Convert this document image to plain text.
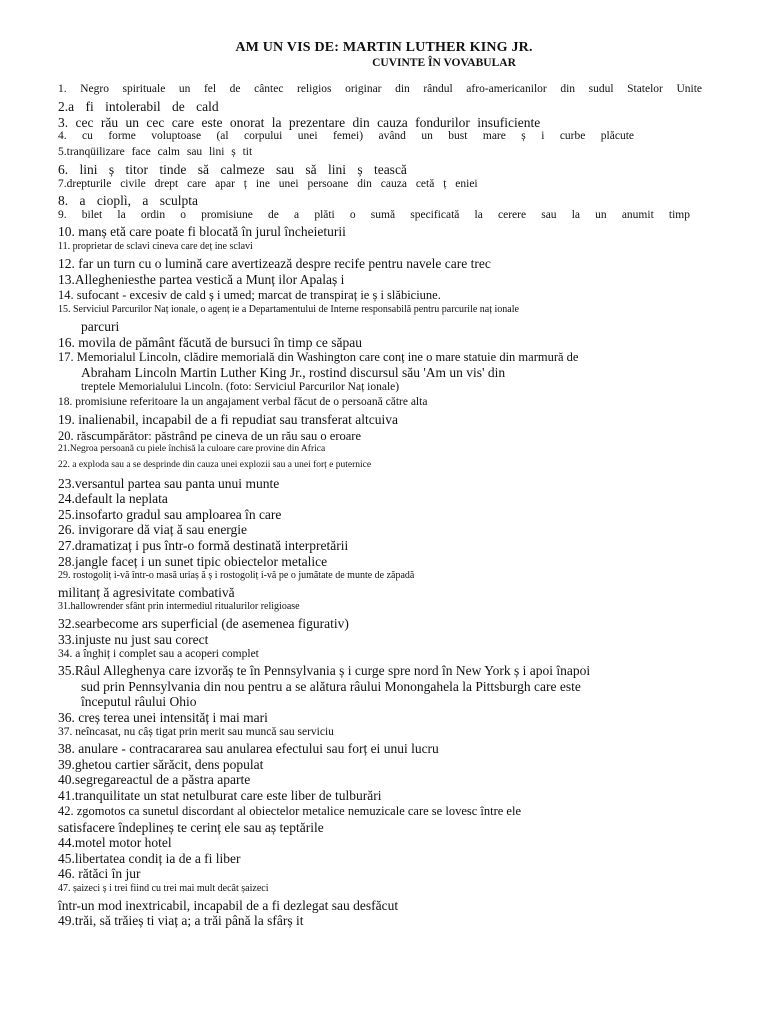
AM UN VIS DE: MARTIN LUTHER KING JR.
CUVINTE ÎN VOVABULAR
1. Negro spirituale un fel de cântec religios originar din rândul afro-americanilor din sudul Statelor Unite
2.a fi intolerabil de cald
3. cec rău un cec care este onorat la prezentare din cauza fondurilor insuficiente
4. cu forme voluptoase (al corpului unei femei) având un bust mare ș i curbe plăcute
5.tranqüilizare face calm sau lini ș tit
6. lini ș titor tinde să calmeze sau să lini ș tească
7.drepturile civile drept care apar ț ine unei persoane din cauza cetă ț eniei
8. a cioplì, a sculpta
9. bilet la ordin o promisiune de a plăti o sumă specificată la cerere sau la un anumit timp
10. manș etă care poate fi blocată în jurul încheieturii
11. proprietar de sclavi cineva care deț ine sclavi
12. far un turn cu o lumină care avertizează despre recife pentru navele care trec
13.Allegheniesthe partea vestică a Munț ilor Apalaș i
14. sufocant - excesiv de cald ș i umed; marcat de transpiraț ie ș i slăbiciune.
15. Serviciul Parcurilor Naț ionale, o agenț ie a Departamentului de Interne responsabilă pentru parcurile naț ionale
parcuri
16. movila de pământ făcută de bursuci în timp ce săpau
17. Memorialul Lincoln, clădire memorială din Washington care conț ine o mare statuie din marmură de
Abraham Lincoln Martin Luther King Jr., rostind discursul său 'Am un vis' din
treptele Memorialului Lincoln. (foto: Serviciul Parcurilor Naț ionale)
18. promisiune referitoare la un angajament verbal făcut de o persoană către alta
19. inalienabil, incapabil de a fi repudiat sau transferat altcuiva
20. răscumpărător: păstrând pe cineva de un rău sau o eroare
21.Negroa persoană cu piele închisă la culoare care provine din Africa
22. a exploda sau a se desprinde din cauza unei explozii sau a unei forț e puternice
23.versantul partea sau panta unui munte
24.default la neplata
25.insofarto gradul sau amploarea în care
26. invigorare dă viaț ă sau energie
27.dramatizaț i pus într-o formă destinată interpretării
28.jangle faceț i un sunet tipic obiectelor metalice
29. rostogoliț i-vă într-o masă uriaș ă ș i rostogoliț i-vă pe o jumătate de munte de zăpadă
militanț ă agresivitate combativă
31.hallowrender sfânt prin intermediul ritualurilor religioase
32.searbecome ars superficial (de asemenea figurativ)
33.injuste nu just sau corect
34. a înghiț i complet sau a acoperi complet
35.Râul Alleghenya care izvorăș te în Pennsylvania ș i curge spre nord în New York ș i apoi înapoi
sud prin Pennsylvania din nou pentru a se alătura râului Monongahela la Pittsburgh care este
începutul râului Ohio
36. creș terea unei intensităț i mai mari
37. neîncasat, nu câș tigat prin merit sau muncă sau serviciu
38. anulare - contracararea sau anularea efectului sau forț ei unui lucru
39.ghetou cartier sărăcit, dens populat
40.segregareactul de a păstra aparte
41.tranquilitate un stat netulburat care este liber de tulburări
42. zgomotos ca sunetul discordant al obiectelor metalice nemuzicale care se lovesc între ele
satisfacere îndeplineș te cerinț ele sau aș teptările
44.motel motor hotel
45.libertatea condiț ia de a fi liber
46. rătăci în jur
47. șaizeci ș i trei fiind cu trei mai mult decât șaizeci
într-un mod inextricabil, incapabil de a fi dezlegat sau desfăcut
49.trăi, să trăieș ti viaț a; a trăi până la sfârș it
